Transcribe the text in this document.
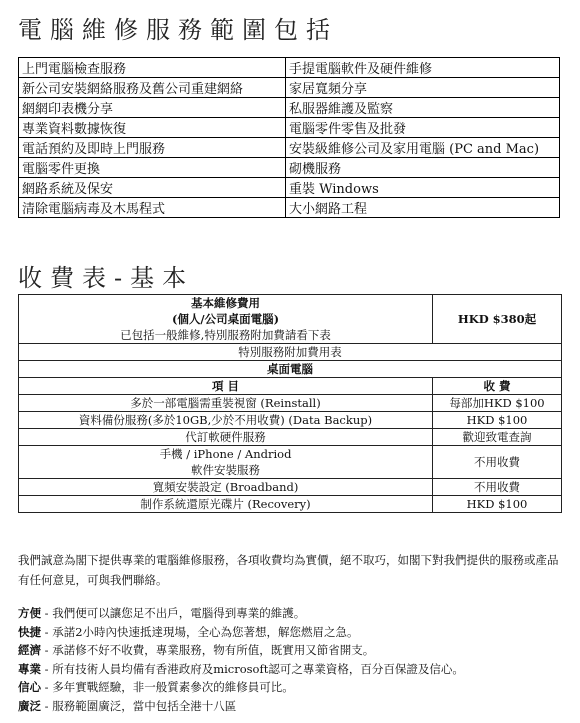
電腦維修服務範圍包括
上門電腦檢查服務	手提電腦軟件及硬件維修
新公司安裝網絡服務及舊公司重建網絡	家居寬頻分享
網網印表機分享	私服器維護及監察
專業資料數據恢復	電腦零件零售及批發
電話預約及即時上門服務	安裝級維修公司及家用電腦 (PC and Mac)
電腦零件更換	砌機服務
網路系統及保安	重裝 Windows
清除電腦病毒及木馬程式	大小網路工程
收費表-基本
基本維修費用
(個人/公司桌面電腦)
已包括一般維修,特別服務附加費請看下表	HKD $380起
特別服務附加費用表	
桌面電腦	
項 目	收 費
多於一部電腦需重裝視窗 (Reinstall)	每部加HKD $100
資料備份服務(多於10GB,少於不用收費) (Data Backup)	HKD $100
代訂軟硬件服務	歡迎致電查詢

手機 / iPhone / Andriod
軟件安裝服務	不用收費
寬頻安裝設定 (Broadband)	不用收費
制作系統還原光碟片 (Recovery)	HKD $100
我們誠意為閣下提供專業的電腦維修服務，各項收費均為實價，絕不取巧，如閣下對我們提供的服務或產品有任何意見，可與我們聯絡。
方便 - 我們便可以讓您足不出戶，電腦得到專業的維護。
快捷 - 承諾2小時內快速抵達現場，全心為您著想，解您燃眉之急。
經濟 - 承諾修不好不收費，專業服務，物有所值，既實用又節省開支。
專業 - 所有技術人員均備有香港政府及microsoft認可之專業資格，百分百保證及信心。
信心 - 多年實戰經驗，非一般質素參次的維修員可比。
廣泛 - 服務範圍廣泛，當中包括全港十八區
